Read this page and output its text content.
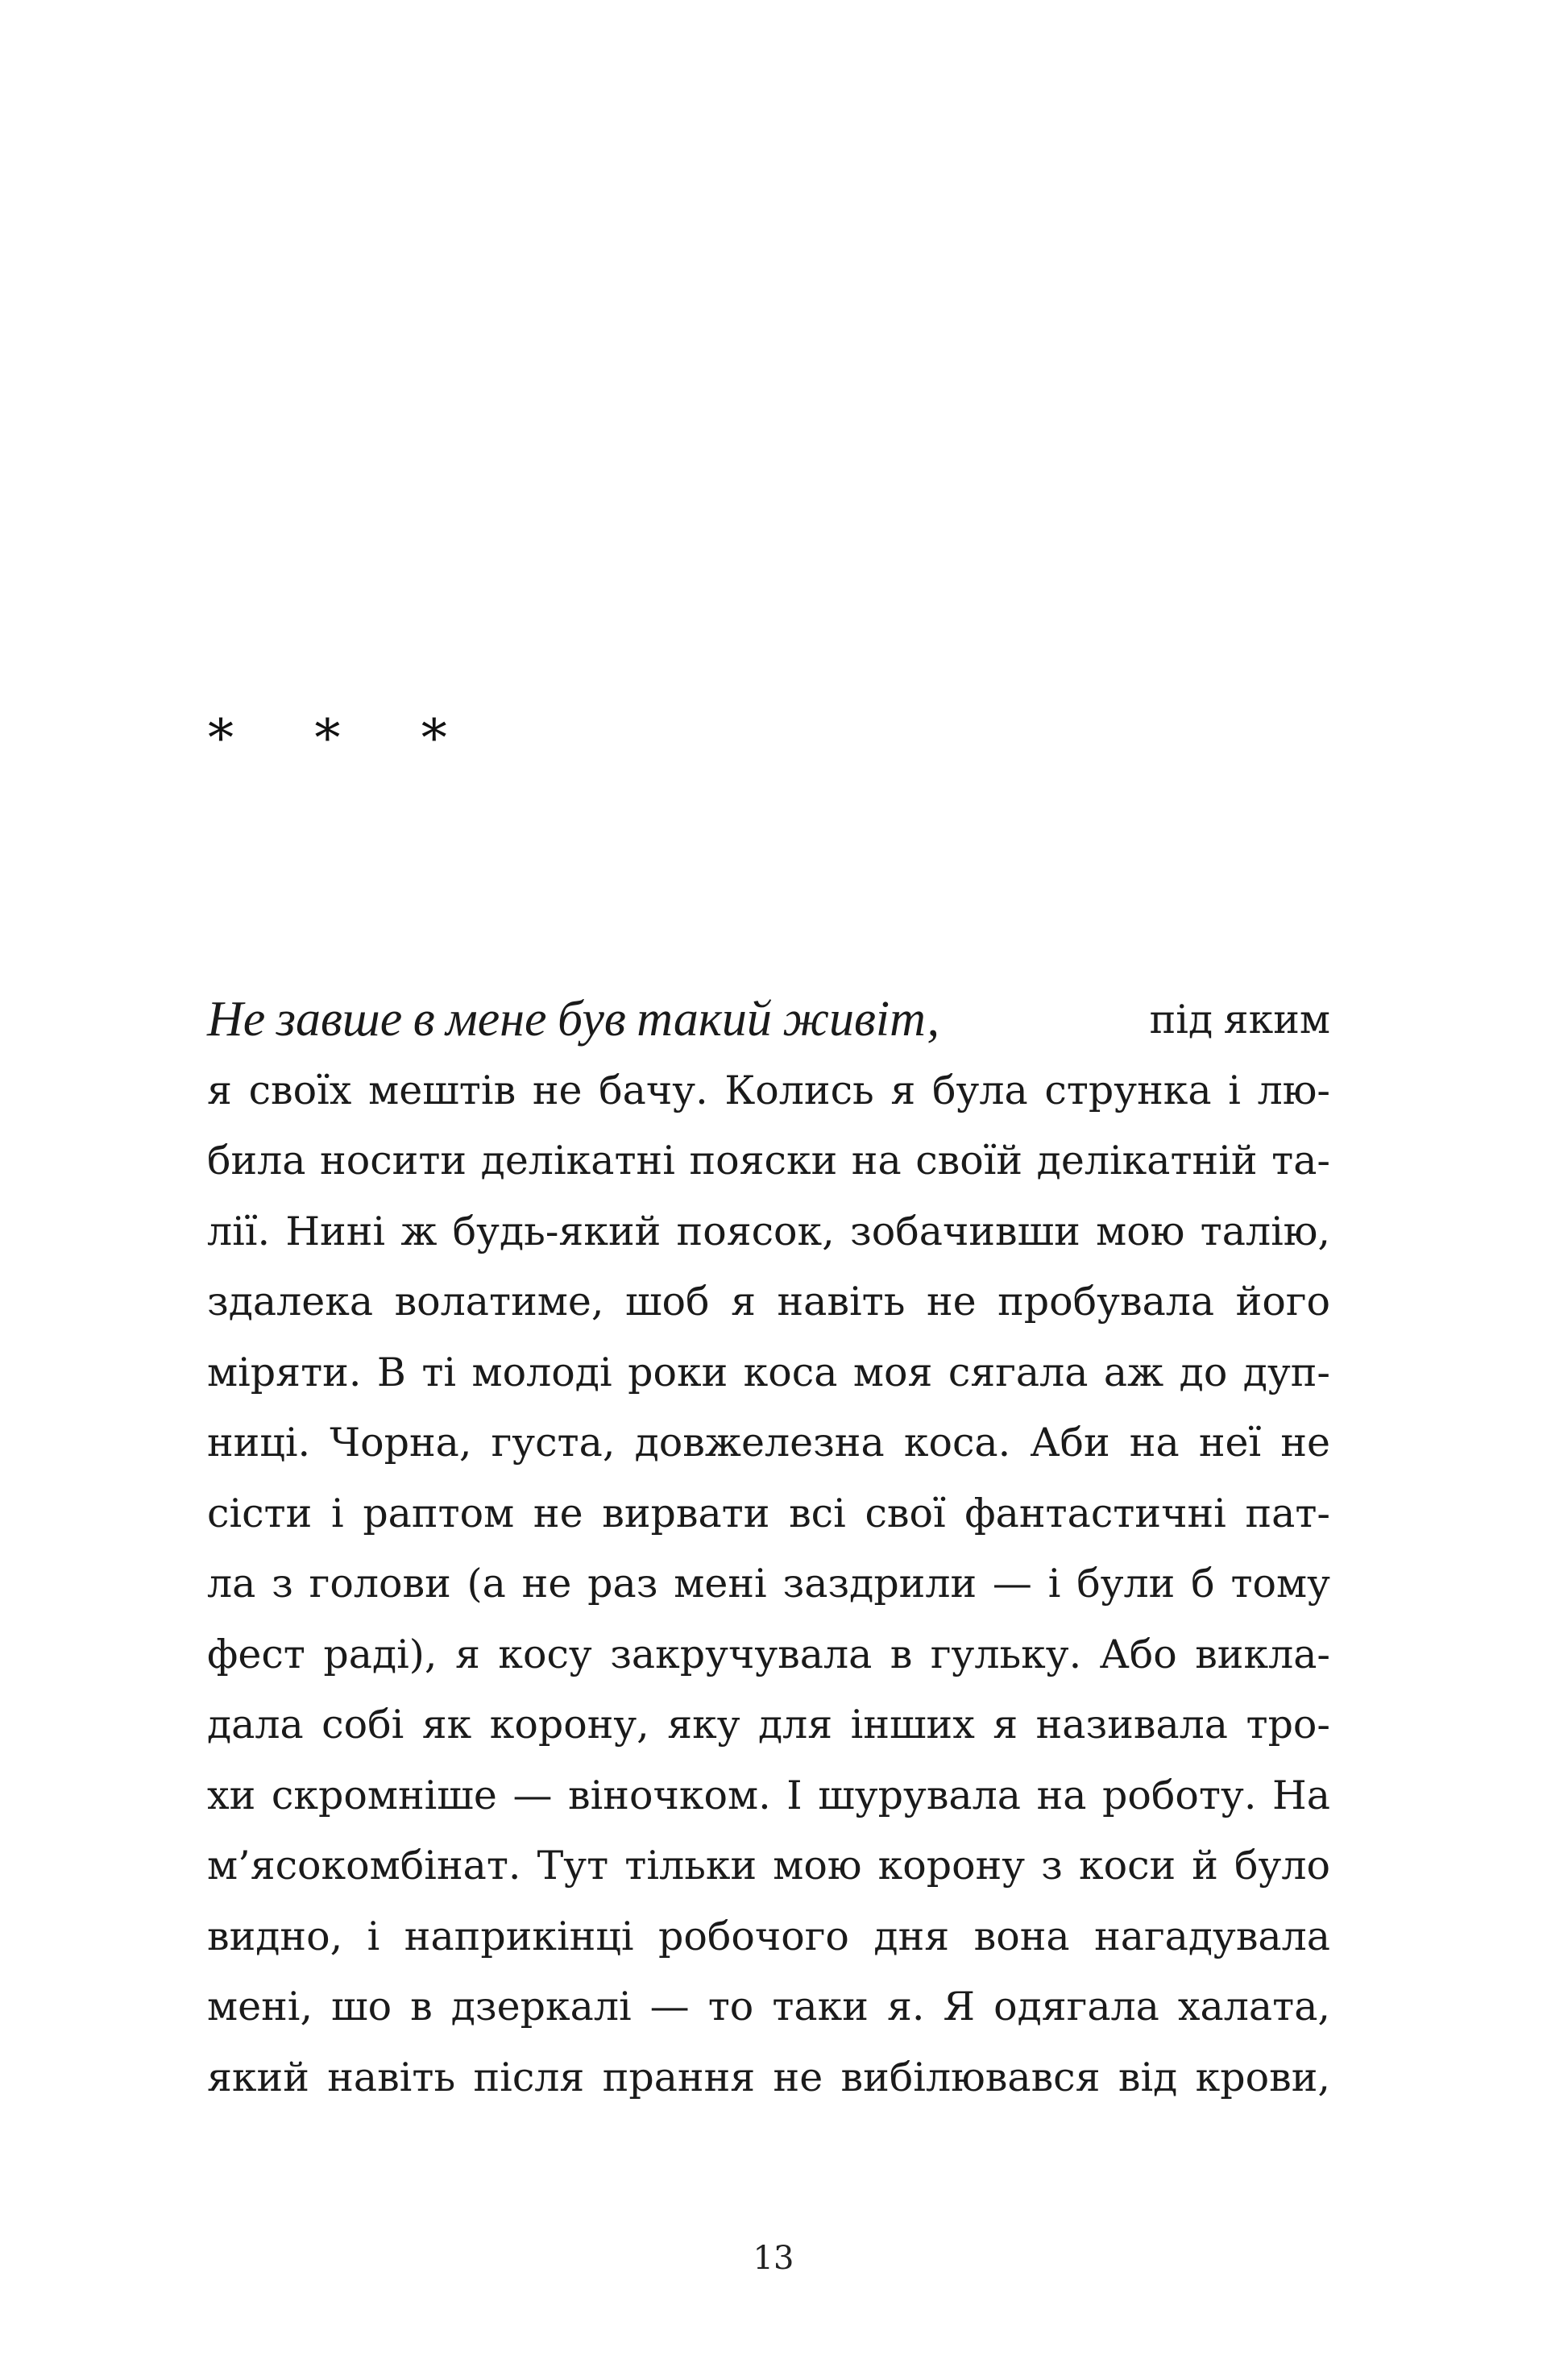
* * *
Не завше в мене був такий живіт,	під яким
я своїх мештів не бачу. Колись я була струнка і лю-
била носити делікатні пояски на своїй делікатній та-
лії. Нині ж будь-який поясок, зобачивши мою талію,
здалека волатиме, шоб я навіть не пробувала його
міряти. В ті молоді роки коса моя сягала аж до дуп-
ниці. Чорна, густа, довжелезна коса. Аби на неї не
сісти і раптом не вирвати всі свої фантастичні пат-
ла з голови (а не раз мені заздрили — і були б тому
фест раді), я косу закручувала в гульку. Або викла-
дала собі як корону, яку для інших я називала тро-
хи скромніше — віночком. І шурувала на роботу. На
м’ясокомбінат. Тут тільки мою корону з коси й було
видно, і наприкінці робочого дня вона нагадувала
мені, шо в дзеркалі — то таки я. Я одягала халата,
який навіть після прання не вибілювався від крови,
13
